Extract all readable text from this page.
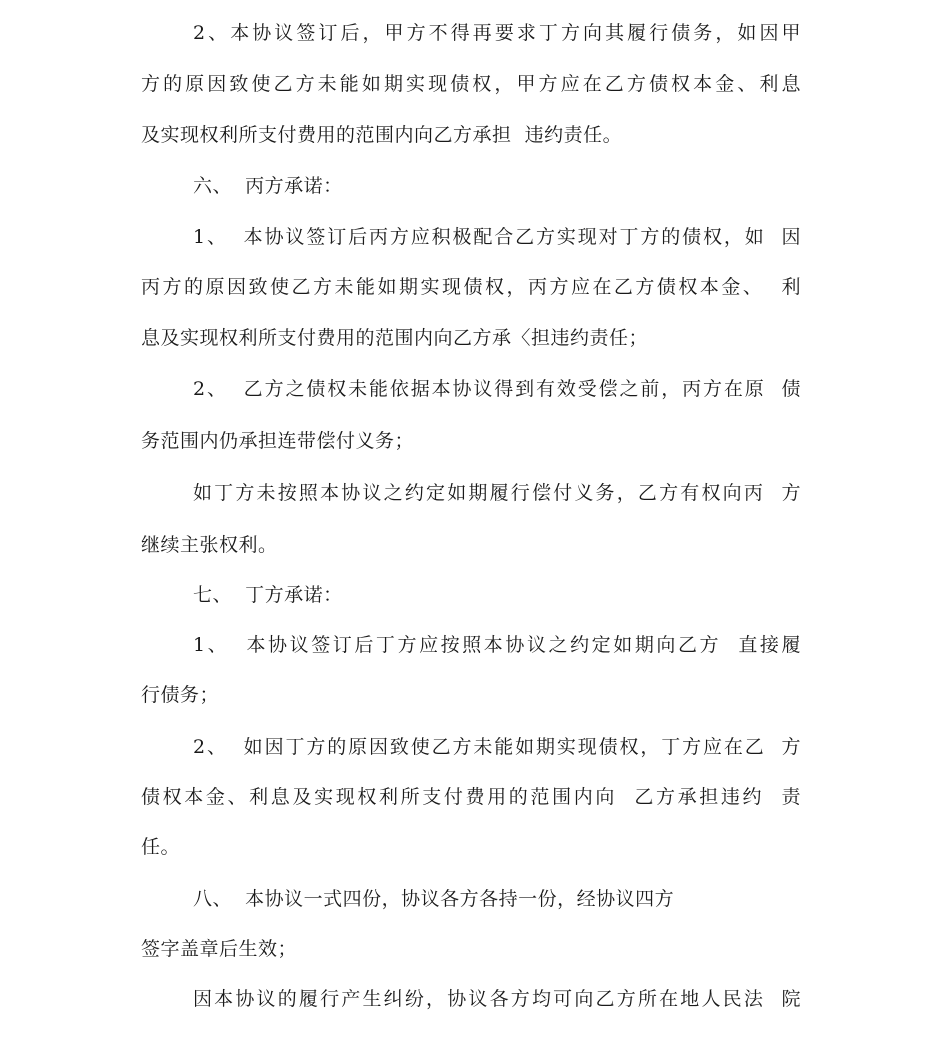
2、本协议签订后，甲方不得再要求丁方向其履行债务，如因甲
方的原因致使乙方未能如期实现债权，甲方应在乙方债权本金、利息
及实现权利所支付费用的范围内向乙方承担  违约责任。
六、  丙方承诺：
1、  本协议签订后丙方应积极配合乙方实现对丁方的债权，如  因
丙方的原因致使乙方未能如期实现债权，丙方应在乙方债权本金、  利
息及实现权利所支付费用的范围内向乙方承〈担违约责任；
2、  乙方之债权未能依据本协议得到有效受偿之前，丙方在原  债
务范围内仍承担连带偿付义务；
如丁方未按照本协议之约定如期履行偿付义务，乙方有权向丙  方
继续主张权利。
七、  丁方承诺：
1、  本协议签订后丁方应按照本协议之约定如期向乙方  直接履
行债务；
2、  如因丁方的原因致使乙方未能如期实现债权，丁方应在乙  方
债权本金、利息及实现权利所支付费用的范围内向  乙方承担违约  责
任。
八、  本协议一式四份，协议各方各持一份，经协议四方
签字盖章后生效；
因本协议的履行产生纠纷，协议各方均可向乙方所在地人民法  院
